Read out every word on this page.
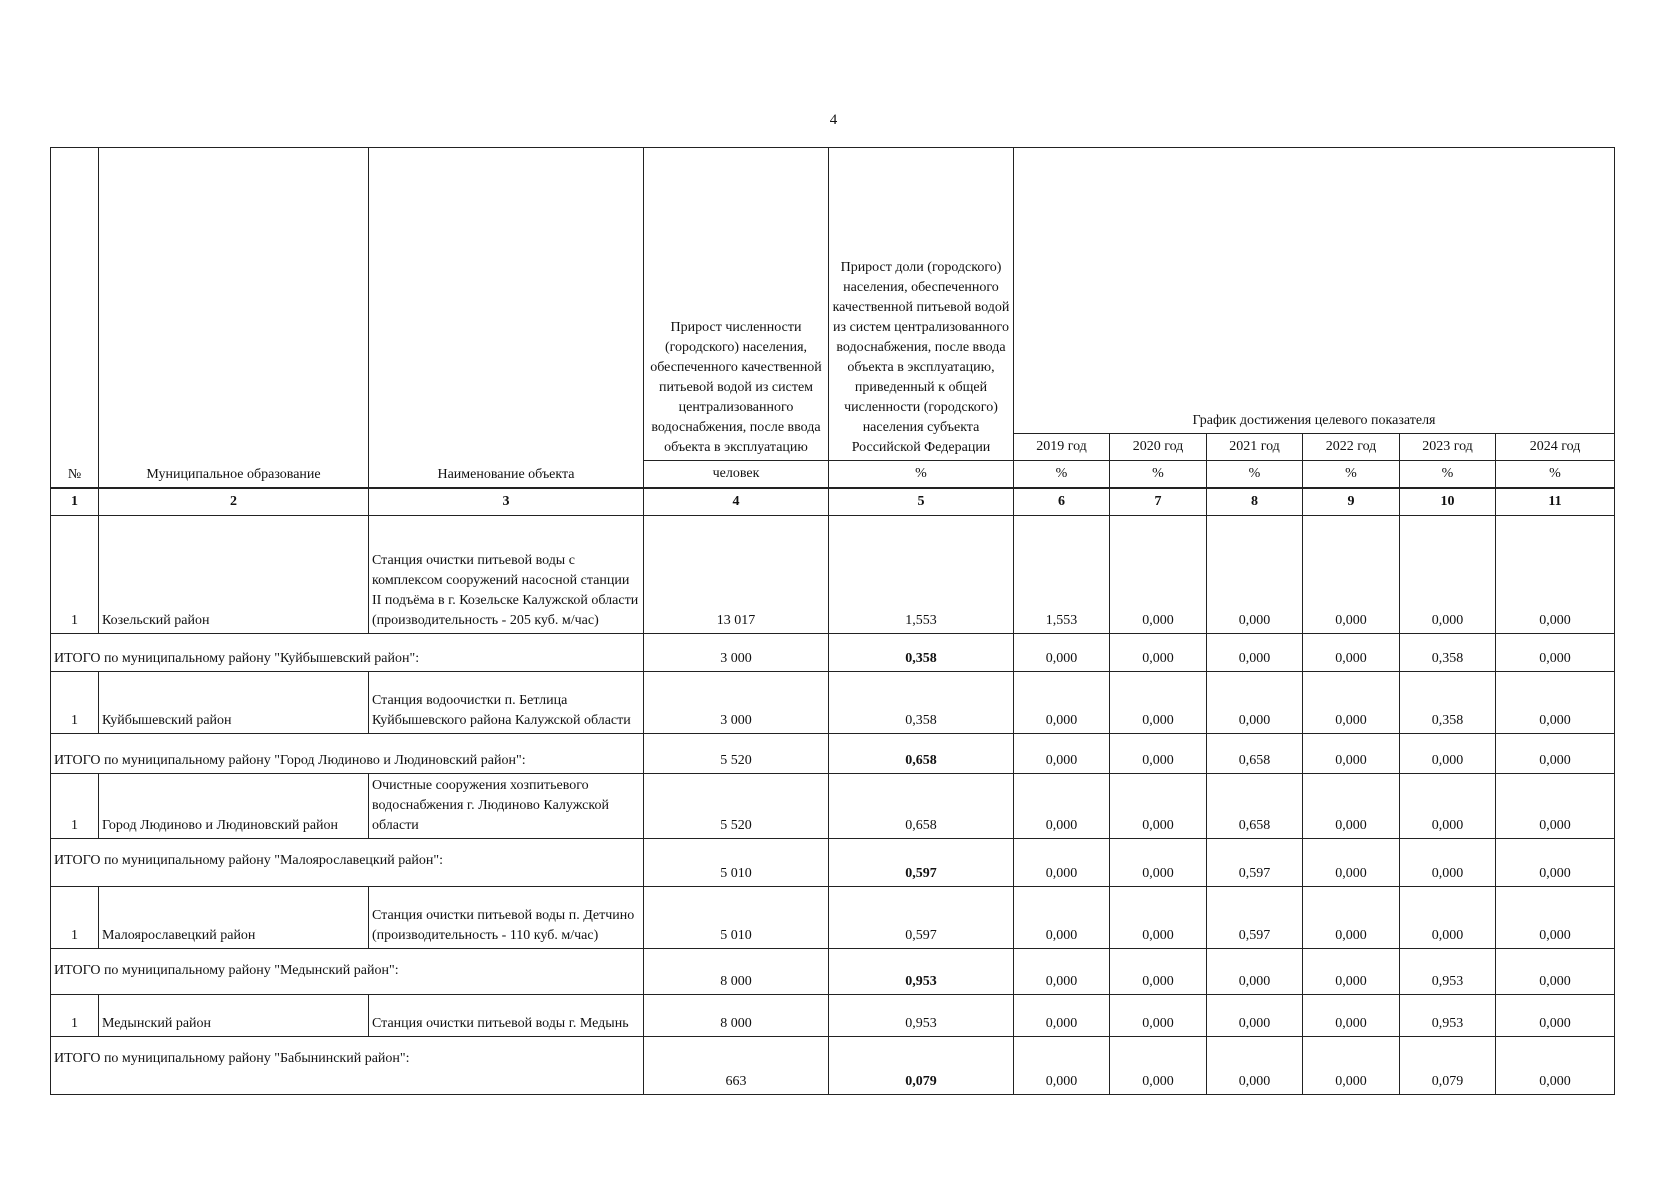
4
№	Муниципальное образование	Наименование объекта	Прирост численности (городского) населения, обеспеченного качественной питьевой водой из систем централизованного водоснабжения, после ввода объекта в эксплуатацию	Прирост доли (городского) населения, обеспеченного качественной питьевой водой из систем централизованного водоснабжения, после ввода объекта в эксплуатацию, приведенный к общей численности (городского) населения субъекта Российской Федерации	График достижения целевого показателя					
					2019 год	2020 год	2021 год	2022 год	2023 год	2024 год
			человек	%	%	%	%	%	%	%
1	2	3	4	5	6	7	8	9	10	11
1	Козельский район	Станция очистки питьевой воды с комплексом сооружений насосной станции II подъёма в г. Козельске Калужской области (производительность - 205 куб. м/час)	13 017	1,553	1,553	0,000	0,000	0,000	0,000	0,000
ИТОГО по муниципальному району "Куйбышевский район":			3 000	0,358	0,000	0,000	0,000	0,000	0,358	0,000
1	Куйбышевский район	Станция водоочистки п. Бетлица Куйбышевского района Калужской области	3 000	0,358	0,000	0,000	0,000	0,000	0,358	0,000
ИТОГО по муниципальному району "Город Людиново и Людиновский район":			5 520	0,658	0,000	0,000	0,658	0,000	0,000	0,000
1	Город Людиново и Людиновский район	Очистные сооружения хозпитьевого водоснабжения г. Людиново Калужской области	5 520	0,658	0,000	0,000	0,658	0,000	0,000	0,000
ИТОГО по муниципальному району "Малоярославецкий район":			5 010	0,597	0,000	0,000	0,597	0,000	0,000	0,000
1	Малоярославецкий район	Станция очистки питьевой воды п. Детчино (производительность - 110 куб. м/час)	5 010	0,597	0,000	0,000	0,597	0,000	0,000	0,000
ИТОГО по муниципальному району "Медынский район":			8 000	0,953	0,000	0,000	0,000	0,000	0,953	0,000
1	Медынский район	Станция очистки питьевой воды г. Медынь	8 000	0,953	0,000	0,000	0,000	0,000	0,953	0,000
ИТОГО по муниципальному району "Бабынинский район":			663	0,079	0,000	0,000	0,000	0,000	0,079	0,000
